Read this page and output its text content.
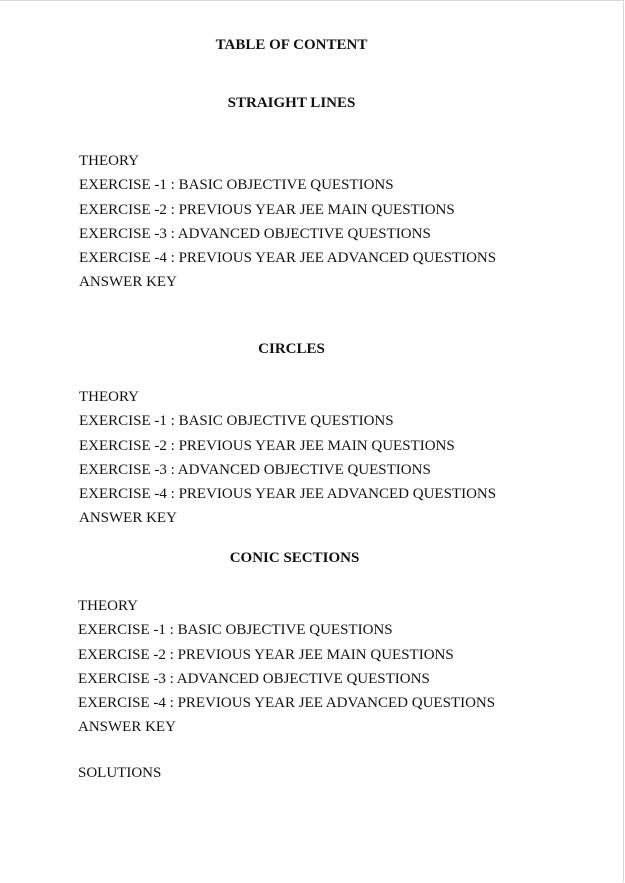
TABLE OF CONTENT
STRAIGHT LINES
THEORY
EXERCISE -1 : BASIC OBJECTIVE QUESTIONS
EXERCISE -2 : PREVIOUS YEAR JEE MAIN QUESTIONS
EXERCISE -3 : ADVANCED OBJECTIVE QUESTIONS
EXERCISE -4 : PREVIOUS YEAR JEE ADVANCED QUESTIONS
ANSWER KEY
CIRCLES
THEORY
EXERCISE -1 : BASIC OBJECTIVE QUESTIONS
EXERCISE -2 : PREVIOUS YEAR JEE MAIN QUESTIONS
EXERCISE -3 : ADVANCED OBJECTIVE QUESTIONS
EXERCISE -4 : PREVIOUS YEAR JEE ADVANCED QUESTIONS
ANSWER KEY
CONIC SECTIONS
THEORY
EXERCISE -1 : BASIC OBJECTIVE QUESTIONS
EXERCISE -2 : PREVIOUS YEAR JEE MAIN QUESTIONS
EXERCISE -3 : ADVANCED OBJECTIVE QUESTIONS
EXERCISE -4 : PREVIOUS YEAR JEE ADVANCED QUESTIONS
ANSWER KEY
SOLUTIONS
